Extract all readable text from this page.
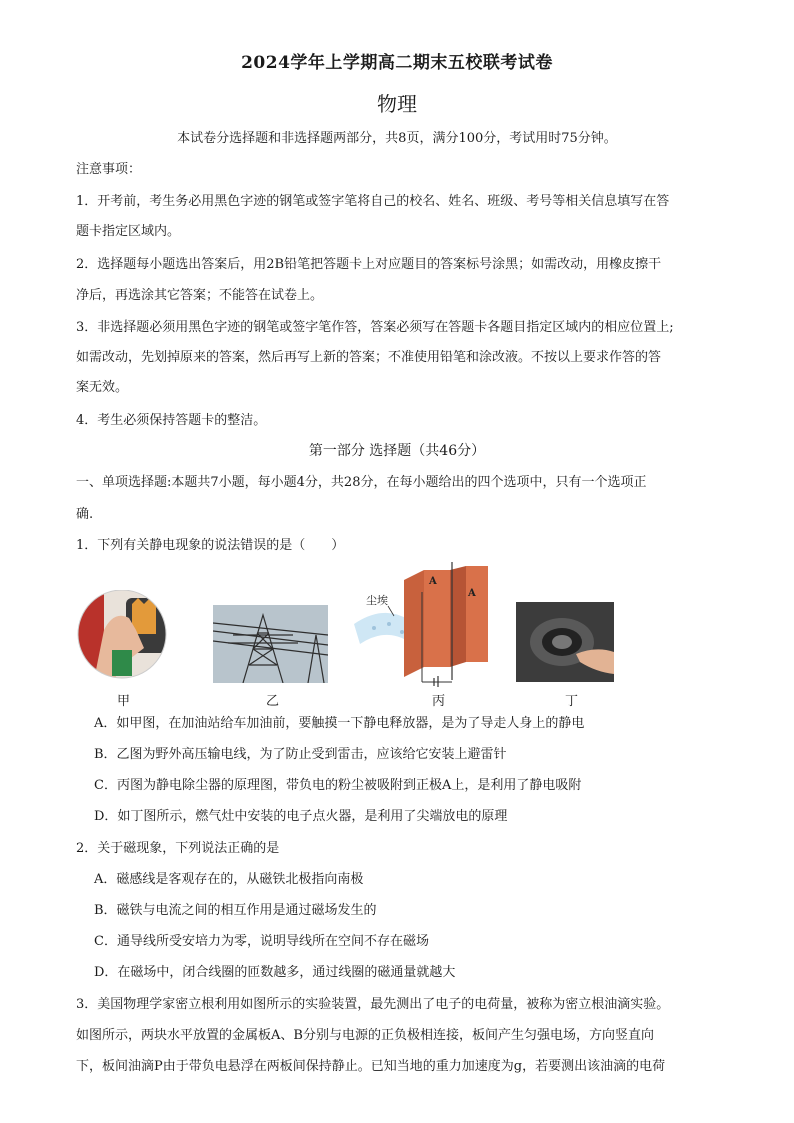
2024学年上学期高二期末五校联考试卷
物理
本试卷分选择题和非选择题两部分，共8页，满分100分，考试用时75分钟。
注意事项：
1．开考前，考生务必用黑色字迹的钢笔或签字笔将自己的校名、姓名、班级、考号等相关信息填写在答
题卡指定区域内。
2．选择题每小题选出答案后，用2B铅笔把答题卡上对应题目的答案标号涂黑；如需改动，用橡皮擦干
净后，再选涂其它答案；不能答在试卷上。
3．非选择题必须用黑色字迹的钢笔或签字笔作答，答案必须写在答题卡各题目指定区域内的相应位置上;
如需改动，先划掉原来的答案，然后再写上新的答案；不准使用铅笔和涂改液。不按以上要求作答的答
案无效。
4．考生必须保持答题卡的整洁。
第一部分 选择题（共46分）
一、单项选择题:本题共7小题，每小题4分，共28分，在每小题给出的四个选项中，只有一个选项正
确.
1．下列有关静电现象的说法错误的是（　　）
尘埃
A
A
甲	乙	丙	丁
A．如甲图，在加油站给车加油前，要触摸一下静电释放器，是为了导走人身上的静电
B．乙图为野外高压输电线，为了防止受到雷击，应该给它安装上避雷针
C．丙图为静电除尘器的原理图，带负电的粉尘被吸附到正极A上，是利用了静电吸附
D．如丁图所示，燃气灶中安装的电子点火器，是利用了尖端放电的原理
2．关于磁现象，下列说法正确的是
A．磁感线是客观存在的，从磁铁北极指向南极
B．磁铁与电流之间的相互作用是通过磁场发生的
C．通导线所受安培力为零，说明导线所在空间不存在磁场
D．在磁场中，闭合线圈的匝数越多，通过线圈的磁通量就越大
3．美国物理学家密立根利用如图所示的实验装置，最先测出了电子的电荷量，被称为密立根油滴实验。
如图所示，两块水平放置的金属板A、B分别与电源的正负极相连接，板间产生匀强电场，方向竖直向
下，板间油滴P由于带负电悬浮在两板间保持静止。已知当地的重力加速度为g，若要测出该油滴的电荷
